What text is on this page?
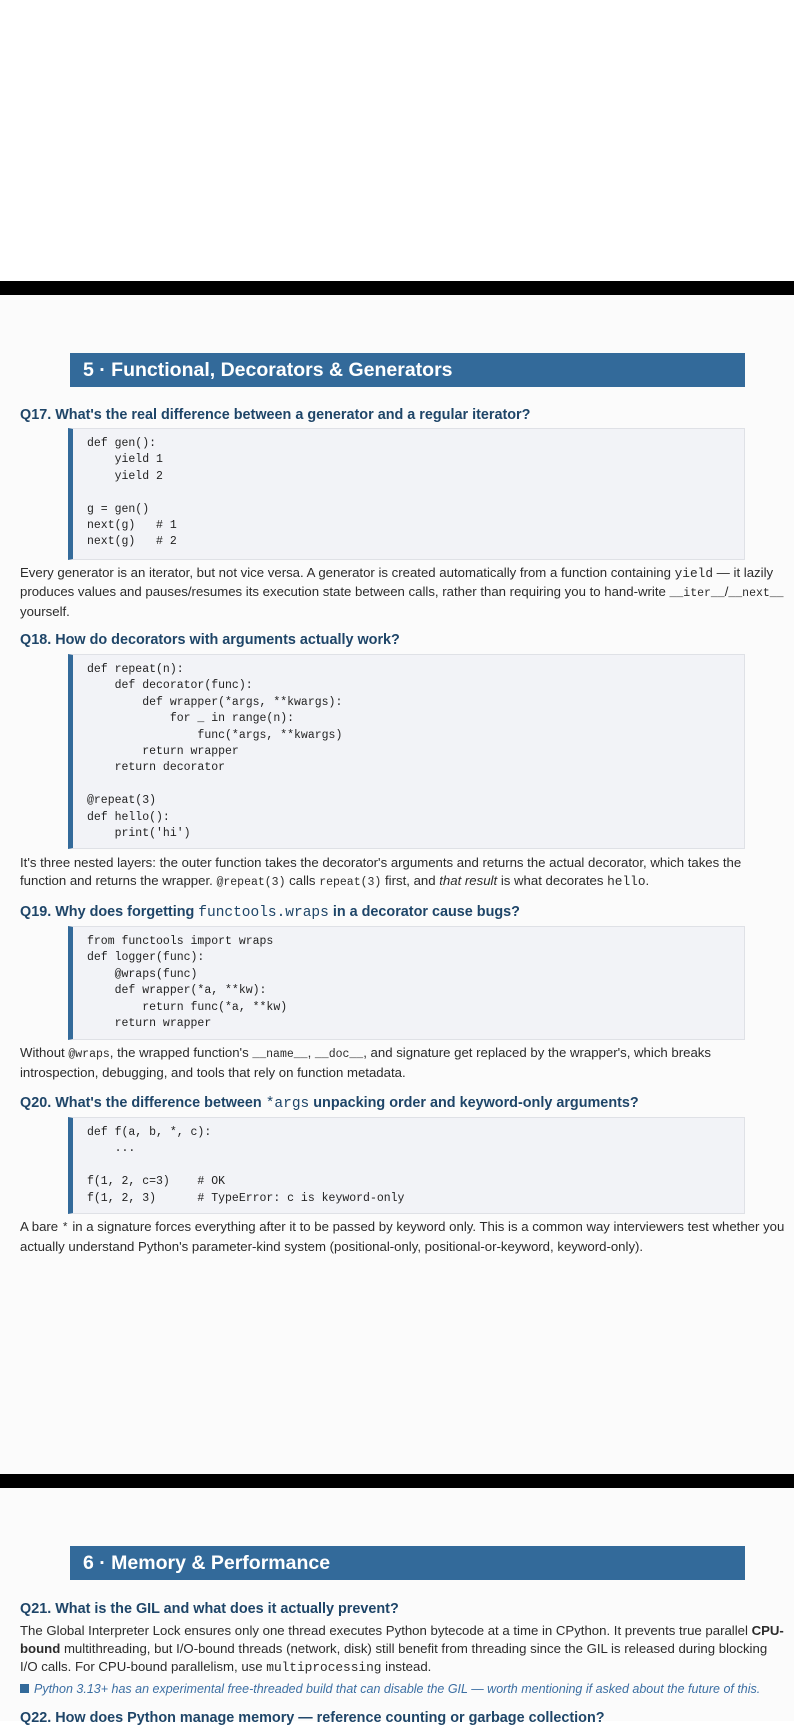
5 · Functional, Decorators & Generators
Q17. What's the real difference between a generator and a regular iterator?
def gen():
yield 1
yield 2

g = gen()
next(g)   # 1
next(g)   # 2
Every generator is an iterator, but not vice versa. A generator is created automatically from a function containing yield — it lazily produces values and pauses/resumes its execution state between calls, rather than requiring you to hand-write __iter__/__next__ yourself.
Q18. How do decorators with arguments actually work?
def repeat(n):
def decorator(func):
def wrapper(*args, **kwargs):
for _ in range(n):
func(*args, **kwargs)
return wrapper
return decorator

@repeat(3)
def hello():
print('hi')
It's three nested layers: the outer function takes the decorator's arguments and returns the actual decorator, which takes the function and returns the wrapper. @repeat(3) calls repeat(3) first, and that result is what decorates hello.
Q19. Why does forgetting functools.wraps in a decorator cause bugs?
from functools import wraps
def logger(func):
@wraps(func)
def wrapper(*a, **kw):
return func(*a, **kw)
return wrapper
Without @wraps, the wrapped function's __name__, __doc__, and signature get replaced by the wrapper's, which breaks introspection, debugging, and tools that rely on function metadata.
Q20. What's the difference between *args unpacking order and keyword-only arguments?
def f(a, b, *, c):
...

f(1, 2, c=3)    # OK
f(1, 2, 3)      # TypeError: c is keyword-only
A bare * in a signature forces everything after it to be passed by keyword only. This is a common way interviewers test whether you actually understand Python's parameter-kind system (positional-only, positional-or-keyword, keyword-only).
6 · Memory & Performance
Q21. What is the GIL and what does it actually prevent?
The Global Interpreter Lock ensures only one thread executes Python bytecode at a time in CPython. It prevents true parallel CPU-bound multithreading, but I/O-bound threads (network, disk) still benefit from threading since the GIL is released during blocking I/O calls. For CPU-bound parallelism, use multiprocessing instead.
Python 3.13+ has an experimental free-threaded build that can disable the GIL — worth mentioning if asked about the future of this.
Q22. How does Python manage memory — reference counting or garbage collection?
